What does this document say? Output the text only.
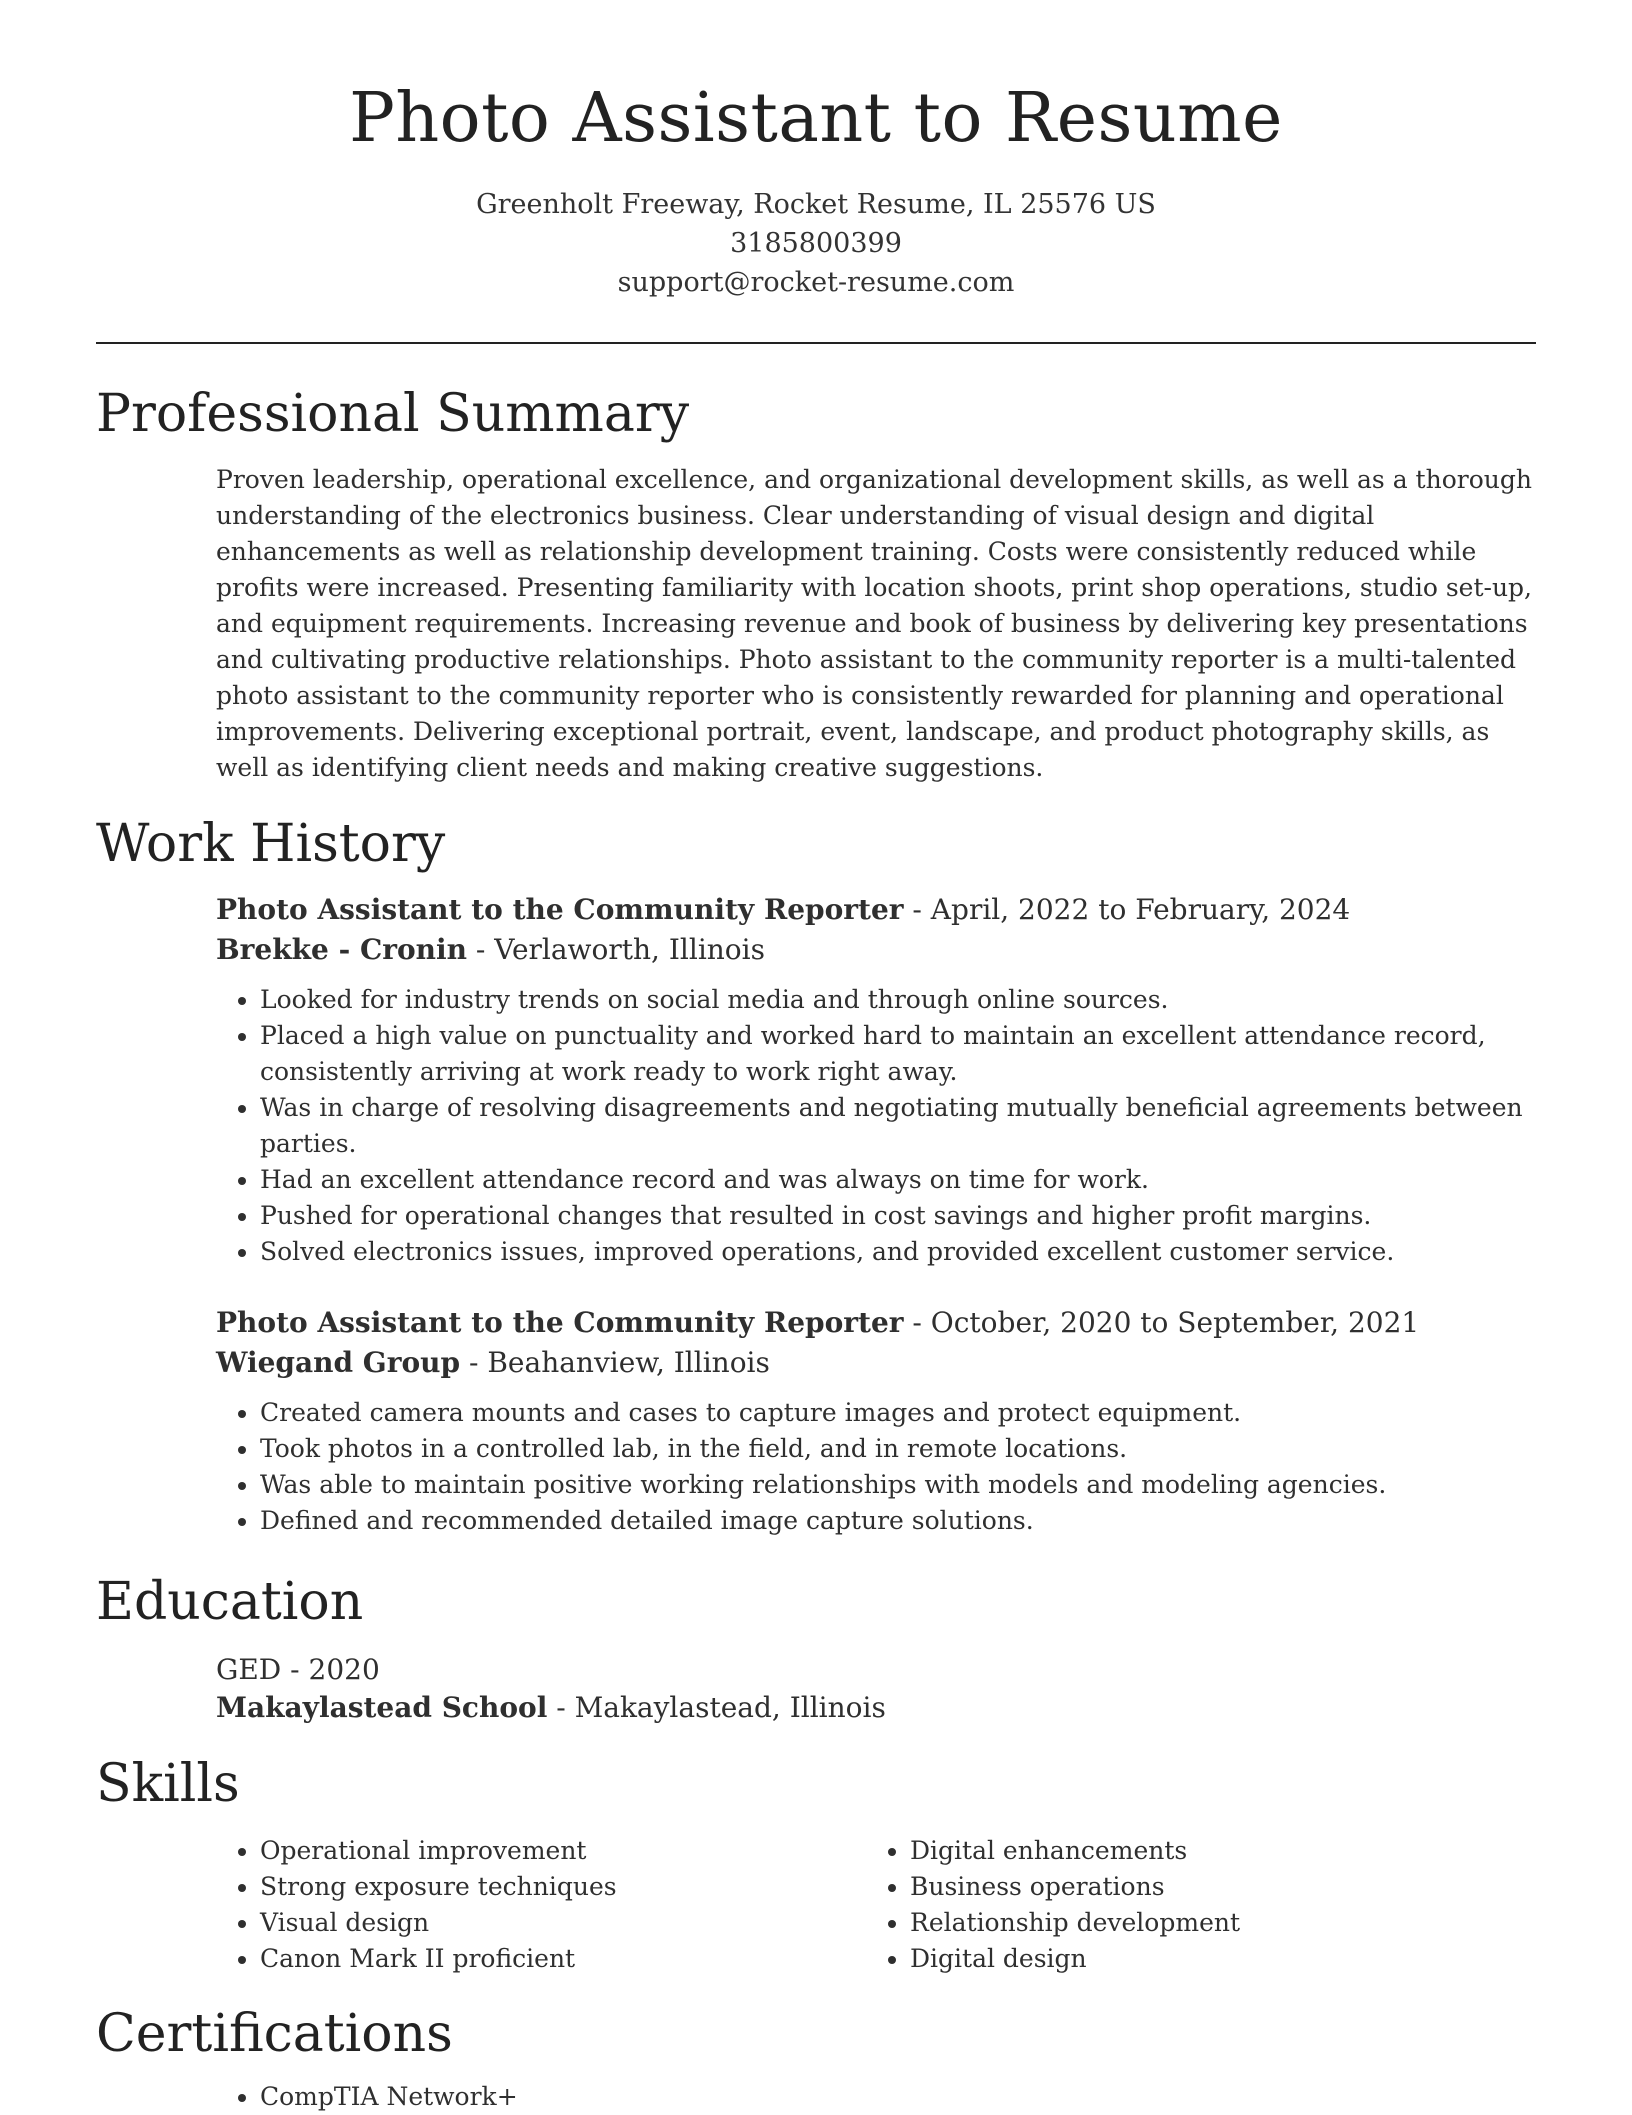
Photo Assistant to Resume
Greenholt Freeway, Rocket Resume, IL 25576 US
3185800399
support@rocket-resume.com
Professional Summary
Proven leadership, operational excellence, and organizational development skills, as well as a thorough understanding of the electronics business. Clear understanding of visual design and digital enhancements as well as relationship development training. Costs were consistently reduced while profits were increased. Presenting familiarity with location shoots, print shop operations, studio set-up, and equipment requirements. Increasing revenue and book of business by delivering key presentations and cultivating productive relationships. Photo assistant to the community reporter is a multi-talented photo assistant to the community reporter who is consistently rewarded for planning and operational improvements. Delivering exceptional portrait, event, landscape, and product photography skills, as well as identifying client needs and making creative suggestions.
Work History
Photo Assistant to the Community Reporter - April, 2022 to February, 2024
Brekke - Cronin - Verlaworth, Illinois
• Looked for industry trends on social media and through online sources.
• Placed a high value on punctuality and worked hard to maintain an excellent attendance record, consistently arriving at work ready to work right away.
• Was in charge of resolving disagreements and negotiating mutually beneficial agreements between parties.
• Had an excellent attendance record and was always on time for work.
• Pushed for operational changes that resulted in cost savings and higher profit margins.
• Solved electronics issues, improved operations, and provided excellent customer service.
Photo Assistant to the Community Reporter - October, 2020 to September, 2021
Wiegand Group - Beahanview, Illinois
• Created camera mounts and cases to capture images and protect equipment.
• Took photos in a controlled lab, in the field, and in remote locations.
• Was able to maintain positive working relationships with models and modeling agencies.
• Defined and recommended detailed image capture solutions.
Education
GED - 2020
Makaylastead School - Makaylastead, Illinois
Skills
• Operational improvement
• Strong exposure techniques
• Visual design
• Canon Mark II proficient
• Digital enhancements
• Business operations
• Relationship development
• Digital design
Certifications
• CompTIA Network+
